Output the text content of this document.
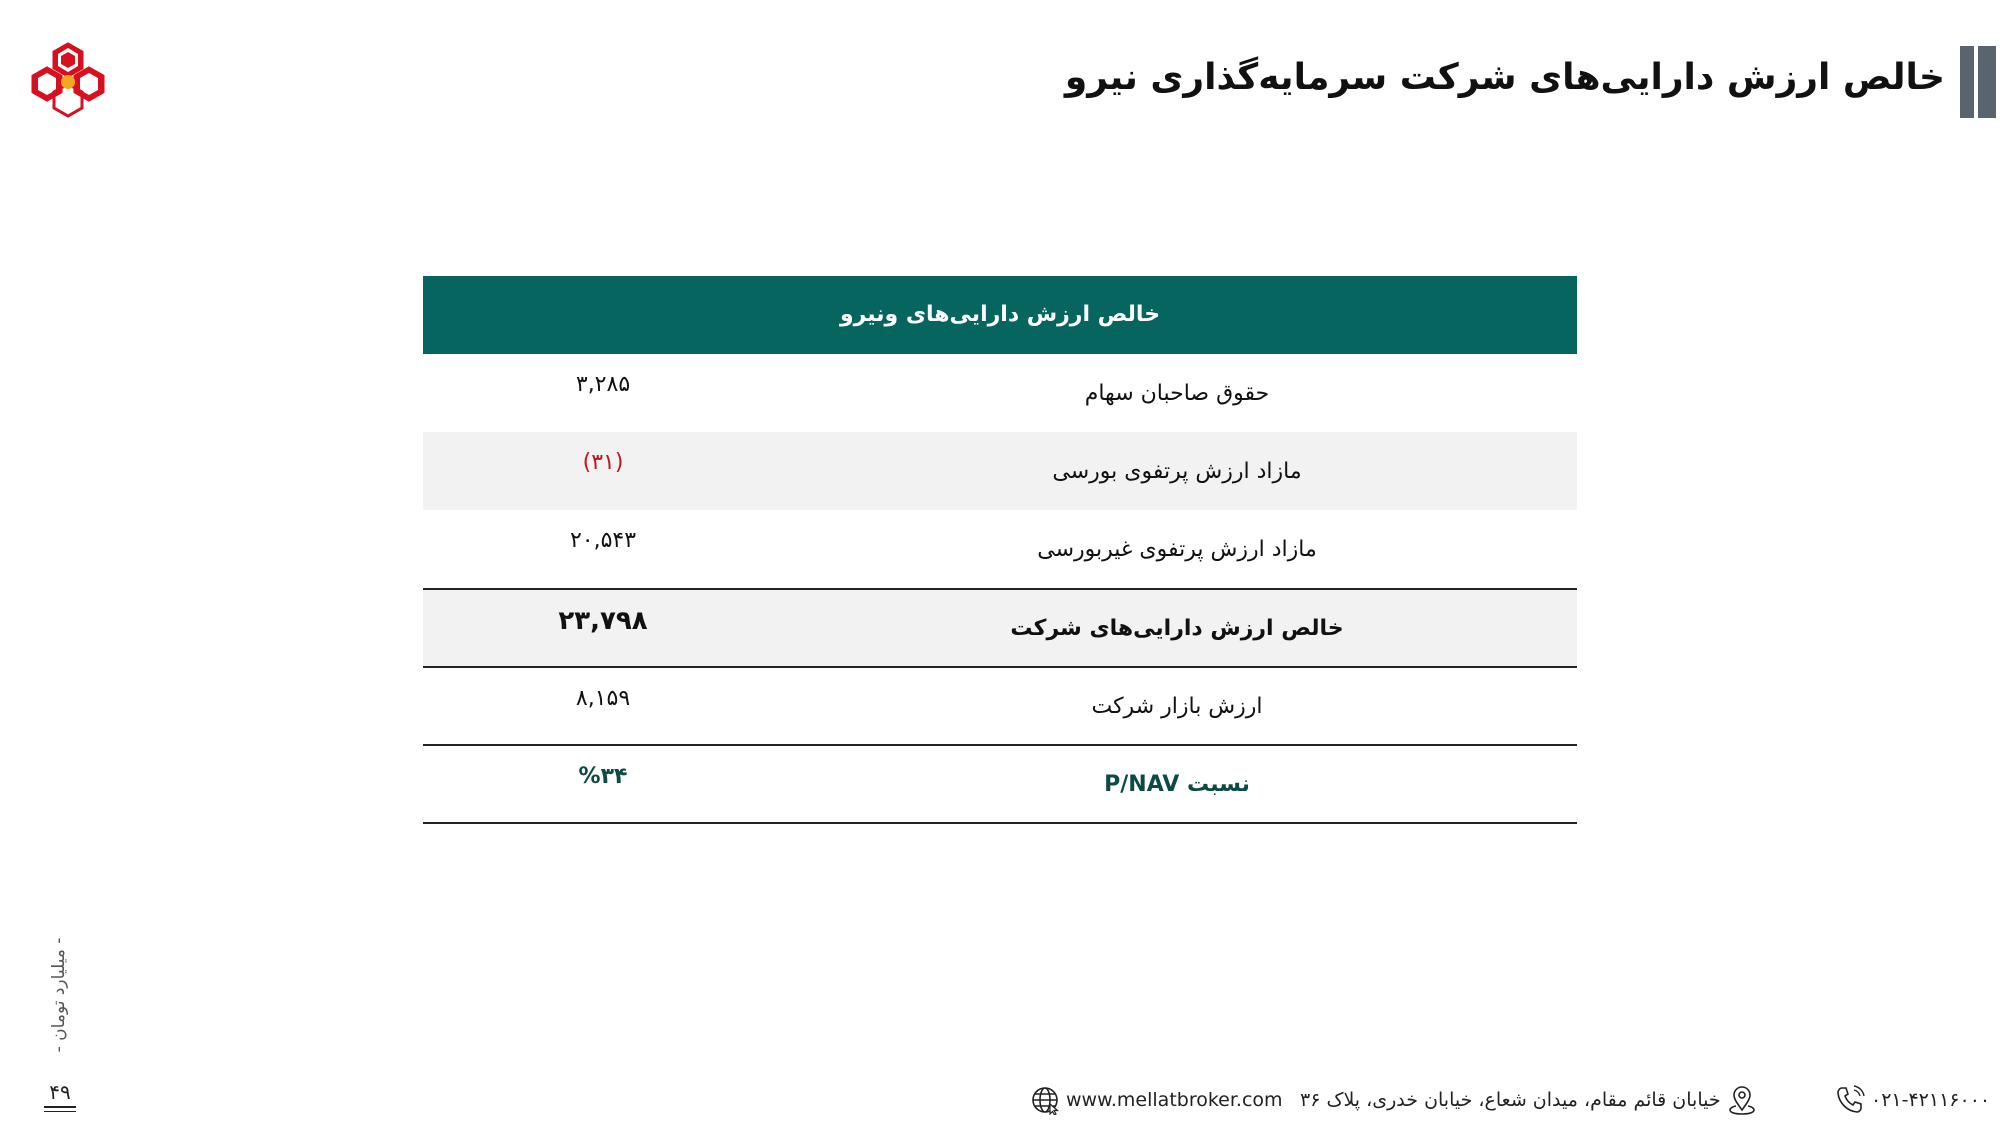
خالص ارزش دارایی‌های شرکت سرمایه‌گذاری نیرو
خالص ارزش دارایی‌های ونیرو
حقوق صاحبان سهام
۳,۲۸۵
مازاد ارزش پرتفوی بورسی
(۳۱)
مازاد ارزش پرتفوی غیربورسی
۲۰,۵۴۳
خالص ارزش دارایی‌های شرکت
۲۳,۷۹۸
ارزش بازار شرکت
۸,۱۵۹
نسبت P/NAV
%۳۴
- میلیارد تومان -
۴۹	www.mellatbroker.com خیابان قائم مقام، میدان شعاع، خیابان خدری، پلاک ۳۶	۰۲۱-۴۲۱۱۶۰۰۰
